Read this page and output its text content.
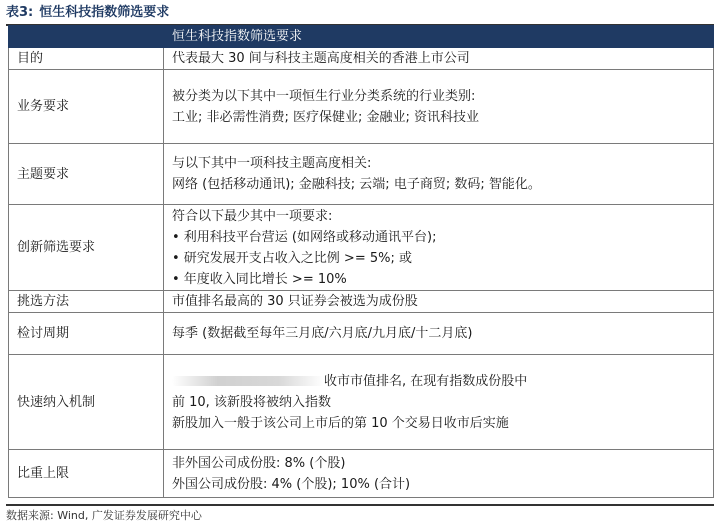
表3: 恒生科技指数筛选要求
	恒生科技指数筛选要求
目的	代表最大 30 间与科技主题高度相关的香港上市公司

业务要求	被分类为以下其中一项恒生行业分类系统的行业类别:
工业; 非必需性消费; 医疗保健业; 金融业; 资讯科技业

主题要求	与以下其中一项科技主题高度相关:
网络 (包括移动通讯); 金融科技; 云端; 电子商贸; 数码; 智能化。

创新筛选要求	符合以下最少其中一项要求:
• 利用科技平台营运 (如网络或移动通讯平台);
• 研究发展开支占收入之比例 >= 5%; 或
• 年度收入同比增长 >= 10%

挑选方法	市值排名最高的 30 只证券会被选为成份股

检讨周期	每季 (数据截至每年三月底/六月底/九月底/十二月底)

快速纳入机制	收市市值排名, 在现有指数成份股中
前 10, 该新股将被纳入指数
新股加入一般于该公司上市后的第 10 个交易日收市后实施

比重上限	非外国公司成份股: 8% (个股)
外国公司成份股: 4% (个股); 10% (合计)
数据来源: Wind, 广发证券发展研究中心
